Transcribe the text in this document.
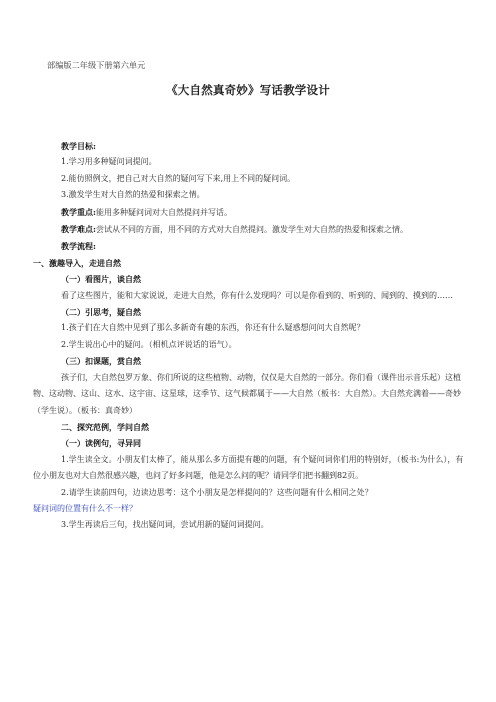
部编版二年级下册第六单元
《大自然真奇妙》写话教学设计

教学目标:

1.学习用多种疑问词提问。

2.能仿照例文，把自己对大自然的疑问写下来,用上不同的疑问词。

3.激发学生对大自然的热爱和探索之情。

教学重点:能用多种疑问词对大自然提问并写话。

教学难点:尝试从不同的方面，用不同的方式对大自然提问。激发学生对大自然的热爱和探索之情。

教学流程:

一、激趣导入，走进自然

（一）看图片，谈自然

看了这些图片，能和大家说说，走进大自然，你有什么发现吗？可以是你看到的、听到的、闻到的、摸到的……

（二）引思考，疑自然

1.孩子们在大自然中见到了那么多新奇有趣的东西，你还有什么疑惑想问问大自然呢？

2.学生说出心中的疑问。（相机点评说话的语气）。

（三）扣课题，赏自然

孩子们，大自然包罗万象、你们所说的这些植物、动物，仅仅是大自然的一部分。你们看（课件出示音乐起）这植物、这动物、这山、这水、这宇宙、这星球，这季节、这气候都属于——大自然（板书：大自然）。大自然充满着——奇妙（学生说）。（板书：真奇妙）

二、探究范例，学问自然

（一）读例句，寻异同

1.学生读全文。小朋友们太棒了，能从那么多方面提有趣的问题，有个疑问词你们用的特别好，（板书:为什么），有位小朋友也对大自然很感兴趣，也问了好多问题，他是怎么问的呢？请同学们把书翻到82页。

2.请学生读前四句，边读边思考：这个小朋友是怎样提问的？这些问题有什么相同之处？

疑问词的位置有什么不一样？

3.学生再读后三句，找出疑问词，尝试用新的疑问词提问。
